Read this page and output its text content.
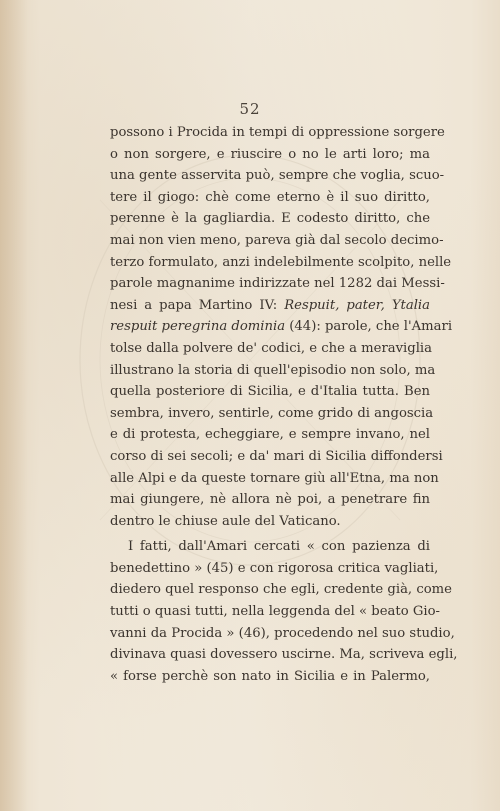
52
possono i Procida in tempi di oppressione sorgere
o non sorgere, e riuscire o no le arti loro; ma
una gente asservita può, sempre che voglia, scuo-
tere il giogo: chè come eterno è il suo diritto,
perenne è la gagliardia. E codesto diritto, che
mai non vien meno, pareva già dal secolo decimo-
terzo formulato, anzi indelebilmente scolpito, nelle
parole magnanime indirizzate nel 1282 dai Messi-
nesi a papa Martino IV: Respuit, pater, Ytalia
respuit peregrina dominia (44): parole, che l'Amari
tolse dalla polvere de' codici, e che a meraviglia
illustrano la storia di quell'episodio non solo, ma
quella posteriore di Sicilia, e d'Italia tutta. Ben
sembra, invero, sentirle, come grido di angoscia
e di protesta, echeggiare, e sempre invano, nel
corso di sei secoli; e da' mari di Sicilia diffondersi
alle Alpi e da queste tornare giù all'Etna, ma non
mai giungere, nè allora nè poi, a penetrare fin
dentro le chiuse aule del Vaticano.
I fatti, dall'Amari cercati « con pazienza di
benedettino » (45) e con rigorosa critica vagliati,
diedero quel responso che egli, credente già, come
tutti o quasi tutti, nella leggenda del « beato Gio-
vanni da Procida » (46), procedendo nel suo studio,
divinava quasi dovessero uscirne. Ma, scriveva egli,
« forse perchè son nato in Sicilia e in Palermo,
